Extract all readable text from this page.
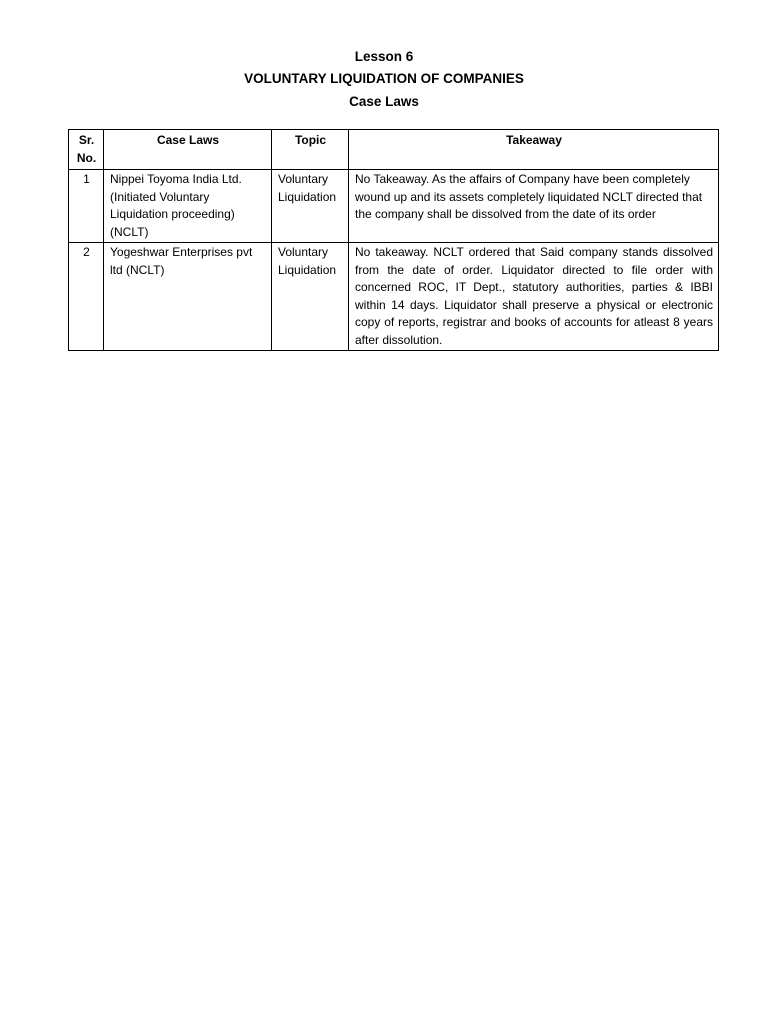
Lesson 6
VOLUNTARY LIQUIDATION OF COMPANIES
Case Laws
Sr. No.	Case Laws	Topic	Takeaway
1	Nippei Toyoma India Ltd. (Initiated Voluntary Liquidation proceeding) (NCLT)	Voluntary Liquidation	No Takeaway. As the affairs of Company have been completely wound up and its assets completely liquidated NCLT directed that the company shall be dissolved from the date of its order
2	Yogeshwar Enterprises pvt ltd (NCLT)	Voluntary Liquidation	No takeaway. NCLT ordered that Said company stands dissolved from the date of order. Liquidator directed to file order with concerned ROC, IT Dept., statutory authorities, parties & IBBI within 14 days. Liquidator shall preserve a physical or electronic copy of reports, registrar and books of accounts for atleast 8 years after dissolution.
